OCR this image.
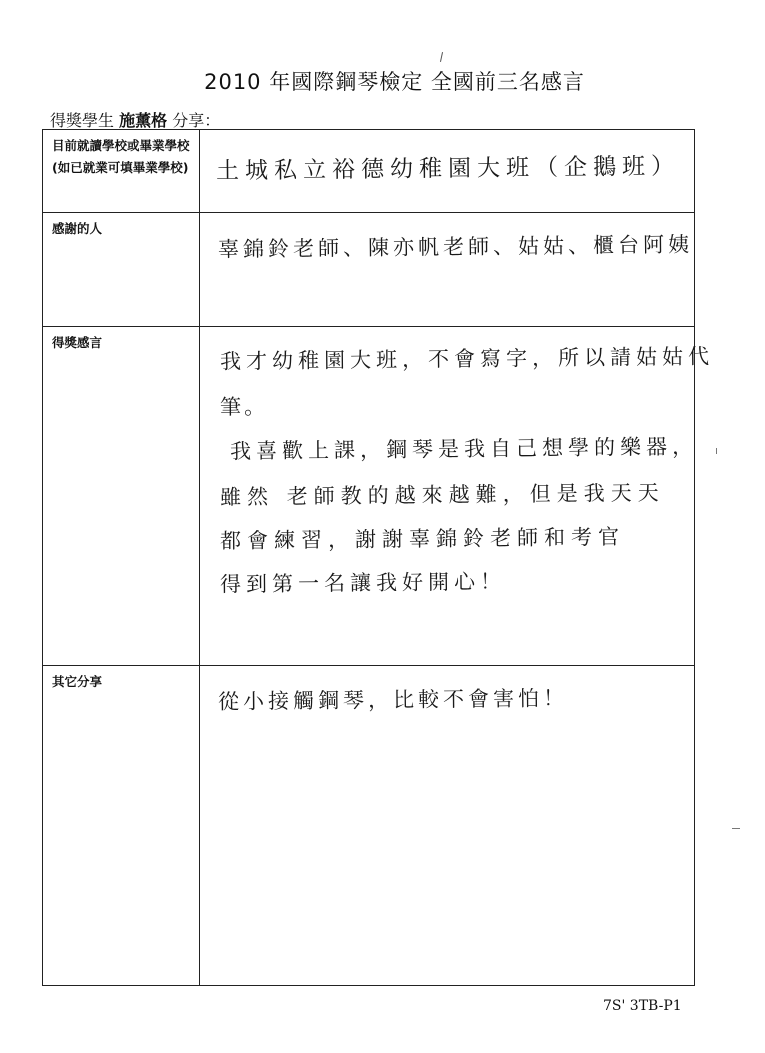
2010 年國際鋼琴檢定 全國前三名感言
得獎學生 施薰格 分享：
目前就讀學校或畢業學校(如已就業可填畢業學校)	土城私立裕德幼稚園大班（企鵝班）
感謝的人
辜錦鈴老師、陳亦帆老師、姑姑、櫃台阿姨
得獎感言
我才幼稚園大班，不會寫字，所以請姑姑代
筆。
我喜歡上課，鋼琴是我自己想學的樂器，
雖然 老師教的越來越難，但是我天天
都會練習，謝謝辜錦鈴老師和考官
得到第一名讓我好開心！
其它分享
從小接觸鋼琴，比較不會害怕！
7S' 3TB-P1
